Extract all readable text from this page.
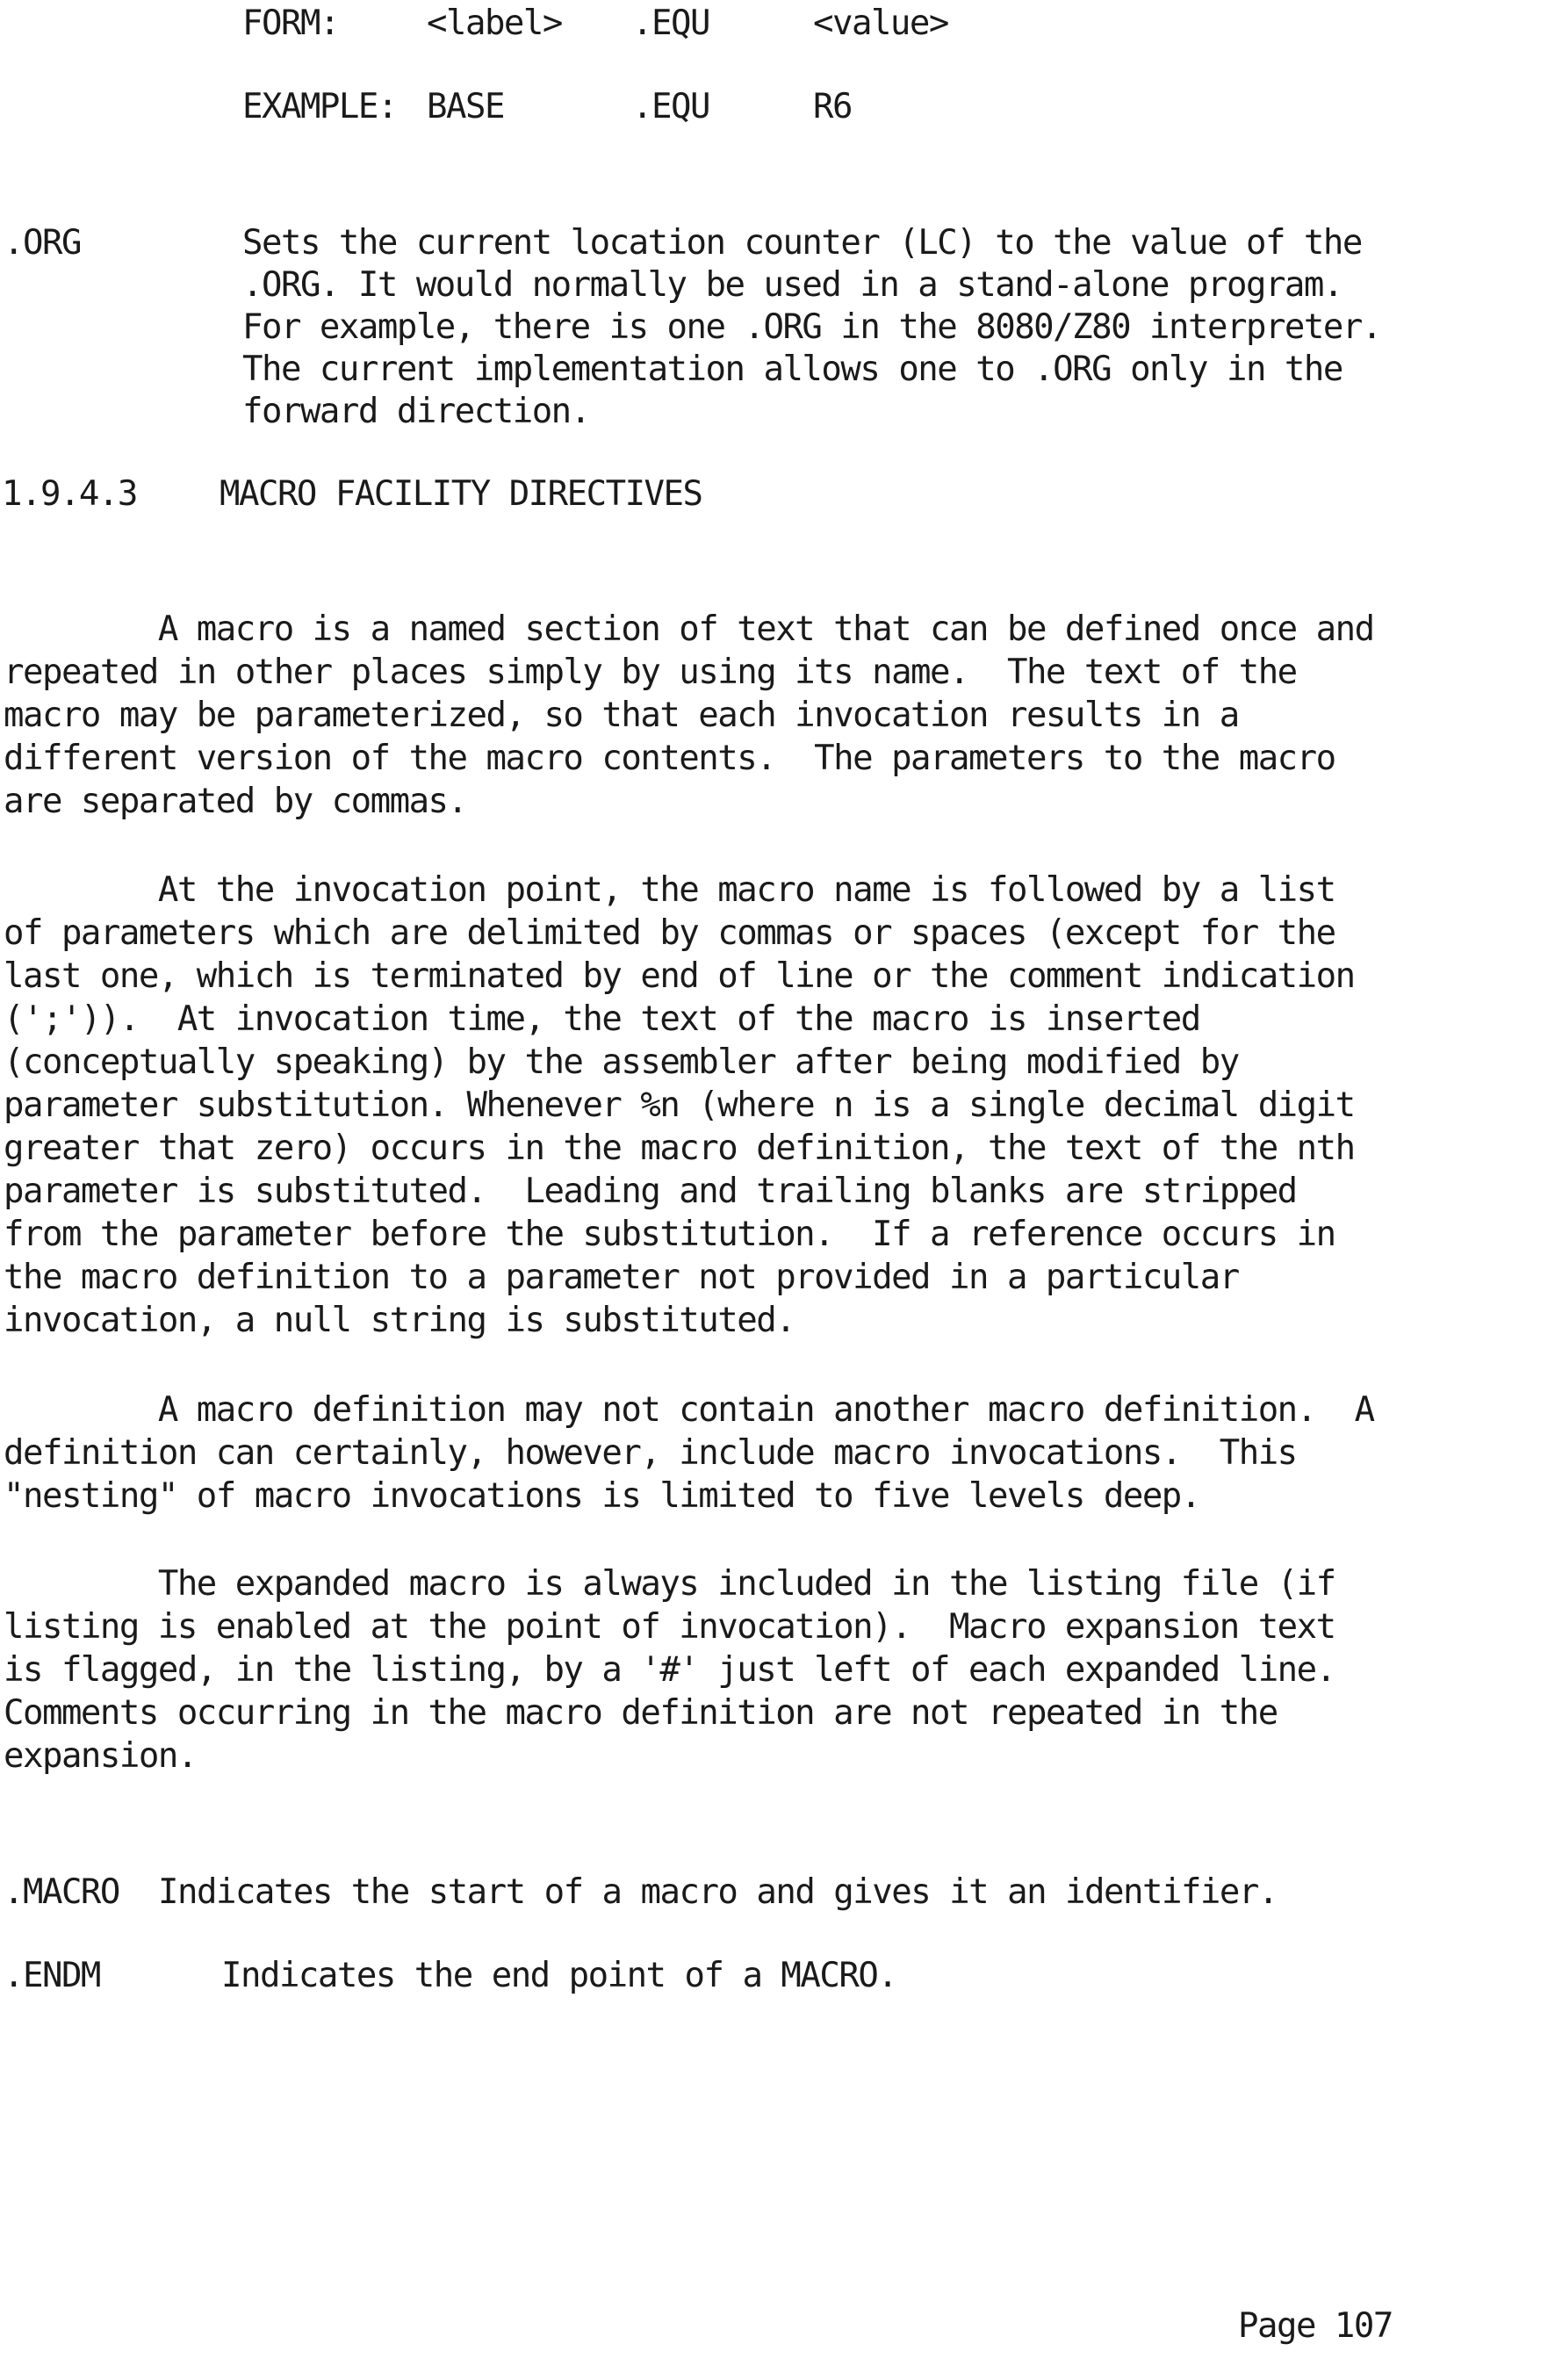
FORM:	<label> .EQU	<value>
EXAMPLE: BASE	.EQU	R6
.ORG	Sets the current location counter (LC) to the value of the
.ORG. It would normally be used in a stand-alone program.
For example, there is one .ORG in the 8080/Z80 interpreter.
The current implementation allows one to .ORG only in the
forward direction.
1.9.4.3 MACRO FACILITY DIRECTIVES
A macro is a named section of text that can be defined once and
repeated in other places simply by using its name.  The text of the
macro may be parameterized, so that each invocation results in a
different version of the macro contents.  The parameters to the macro
are separated by commas.
At the invocation point, the macro name is followed by a list
of parameters which are delimited by commas or spaces (except for the
last one, which is terminated by end of line or the comment indication
(';')).  At invocation time, the text of the macro is inserted
(conceptually speaking) by the assembler after being modified by
parameter substitution. Whenever %n (where n is a single decimal digit
greater that zero) occurs in the macro definition, the text of the nth
parameter is substituted.  Leading and trailing blanks are stripped
from the parameter before the substitution.  If a reference occurs in
the macro definition to a parameter not provided in a particular
invocation, a null string is substituted.
A macro definition may not contain another macro definition.  A
definition can certainly, however, include macro invocations.  This
"nesting" of macro invocations is limited to five levels deep.
The expanded macro is always included in the listing file (if
listing is enabled at the point of invocation).  Macro expansion text
is flagged, in the listing, by a '#' just left of each expanded line.
Comments occurring in the macro definition are not repeated in the
expansion.
.MACRO Indicates the start of a macro and gives it an identifier.
.ENDM	Indicates the end point of a MACRO.
Page 107
